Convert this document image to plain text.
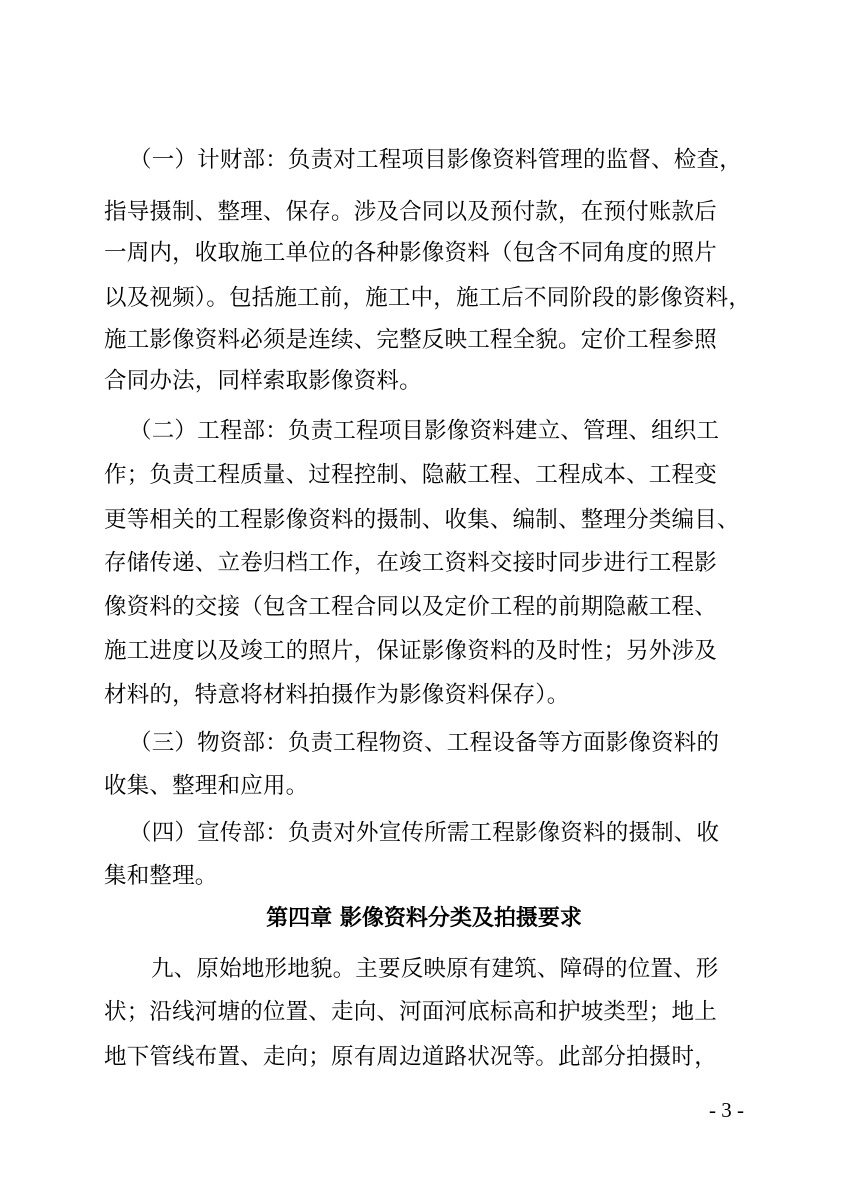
（一）计财部：负责对工程项目影像资料管理的监督、检查，
指导摄制、整理、保存。涉及合同以及预付款，在预付账款后
一周内，收取施工单位的各种影像资料（包含不同角度的照片
以及视频）。包括施工前，施工中，施工后不同阶段的影像资料，
施工影像资料必须是连续、完整反映工程全貌。定价工程参照
合同办法，同样索取影像资料。
（二）工程部：负责工程项目影像资料建立、管理、组织工
作；负责工程质量、过程控制、隐蔽工程、工程成本、工程变
更等相关的工程影像资料的摄制、收集、编制、整理分类编目、
存储传递、立卷归档工作，在竣工资料交接时同步进行工程影
像资料的交接（包含工程合同以及定价工程的前期隐蔽工程、
施工进度以及竣工的照片，保证影像资料的及时性；另外涉及
材料的，特意将材料拍摄作为影像资料保存）。
（三）物资部：负责工程物资、工程设备等方面影像资料的
收集、整理和应用。
（四）宣传部：负责对外宣传所需工程影像资料的摄制、收
集和整理。
第四章 影像资料分类及拍摄要求
九、原始地形地貌。主要反映原有建筑、障碍的位置、形
状；沿线河塘的位置、走向、河面河底标高和护坡类型；地上
地下管线布置、走向；原有周边道路状况等。此部分拍摄时，
- 3 -
